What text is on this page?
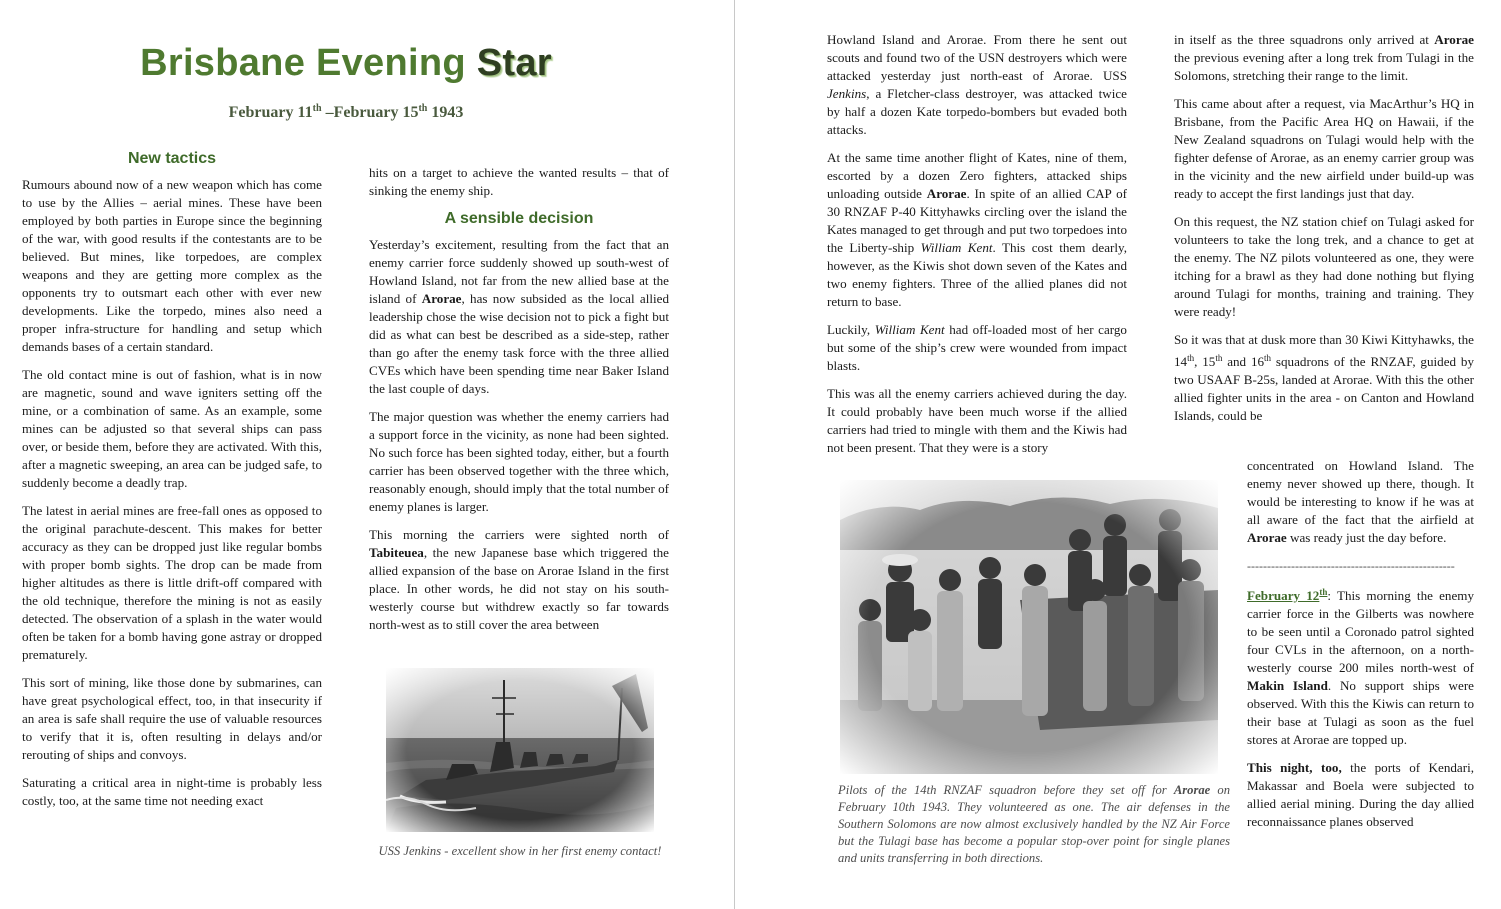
Brisbane Evening Star
February 11th –February 15th 1943
New tactics

Rumours abound now of a new weapon which has come to use by the Allies – aerial mines. These have been employed by both parties in Europe since the beginning of the war, with good results if the contestants are to be believed. But mines, like torpedoes, are complex weapons and they are getting more complex as the opponents try to outsmart each other with ever new developments. Like the torpedo, mines also need a proper infra-structure for handling and setup which demands bases of a certain standard.

The old contact mine is out of fashion, what is in now are magnetic, sound and wave igniters setting off the mine, or a combination of same. As an example, some mines can be adjusted so that several ships can pass over, or beside them, before they are activated. With this, after a magnetic sweeping, an area can be judged safe, to suddenly become a deadly trap.

The latest in aerial mines are free-fall ones as opposed to the original parachute-descent. This makes for better accuracy as they can be dropped just like regular bombs with proper bomb sights. The drop can be made from higher altitudes as there is little drift-off compared with the old technique, therefore the mining is not as easily detected. The observation of a splash in the water would often be taken for a bomb having gone astray or dropped prematurely.

This sort of mining, like those done by submarines, can have great psychological effect, too, in that insecurity if an area is safe shall require the use of valuable resources to verify that it is, often resulting in delays and/or rerouting of ships and convoys.

Saturating a critical area in night-time is probably less costly, too, at the same time not needing exact

hits on a target to achieve the wanted results – that of sinking the enemy ship.

A sensible decision

Yesterday’s excitement, resulting from the fact that an enemy carrier force suddenly showed up south-west of Howland Island, not far from the new allied base at the island of Arorae, has now subsided as the local allied leadership chose the wise decision not to pick a fight but did as what can best be described as a side-step, rather than go after the enemy task force with the three allied CVEs which have been spending time near Baker Island the last couple of days.

The major question was whether the enemy carriers had a support force in the vicinity, as none had been sighted. No such force has been sighted today, either, but a fourth carrier has been observed together with the three which, reasonably enough, should imply that the total number of enemy planes is larger.

This morning the carriers were sighted north of Tabiteuea, the new Japanese base which triggered the allied expansion of the base on Arorae Island in the first place. In other words, he did not stay on his south-westerly course but withdrew exactly so far towards north-west as to still cover the area between

USS Jenkins - excellent show in her first enemy contact!

Howland Island and Arorae. From there he sent out scouts and found two of the USN destroyers which were attacked yesterday just north-east of Arorae. USS Jenkins, a Fletcher-class destroyer, was attacked twice by half a dozen Kate torpedo-bombers but evaded both attacks.

At the same time another flight of Kates, nine of them, escorted by a dozen Zero fighters, attacked ships unloading outside Arorae. In spite of an allied CAP of 30 RNZAF P-40 Kittyhawks circling over the island the Kates managed to get through and put two torpedoes into the Liberty-ship William Kent. This cost them dearly, however, as the Kiwis shot down seven of the Kates and two enemy fighters. Three of the allied planes did not return to base.

Luckily, William Kent had off-loaded most of her cargo but some of the ship’s crew were wounded from impact blasts.

This was all the enemy carriers achieved during the day. It could probably have been much worse if the allied carriers had tried to mingle with them and the Kiwis had not been present. That they were is a story

Pilots of the 14th RNZAF squadron before they set off for Arorae on February 10th 1943. They volunteered as one. The air defenses in the Southern Solomons are now almost exclusively handled by the NZ Air Force but the Tulagi base has become a popular stop-over point for single planes and units transferring in both directions.

in itself as the three squadrons only arrived at Arorae the previous evening after a long trek from Tulagi in the Solomons, stretching their range to the limit.

This came about after a request, via MacArthur’s HQ in Brisbane, from the Pacific Area HQ on Hawaii, if the New Zealand squadrons on Tulagi would help with the fighter defense of Arorae, as an enemy carrier group was in the vicinity and the new airfield under build-up was ready to accept the first landings just that day.

On this request, the NZ station chief on Tulagi asked for volunteers to take the long trek, and a chance to get at the enemy. The NZ pilots volunteered as one, they were itching for a brawl as they had done nothing but flying around Tulagi for months, training and training. They were ready!

So it was that at dusk more than 30 Kiwi Kittyhawks, the 14th, 15th and 16th squadrons of the RNZAF, guided by two USAAF B-25s, landed at Arorae. With this the other allied fighter units in the area - on Canton and Howland Islands, could be

concentrated on Howland Island. The enemy never showed up there, though. It would be interesting to know if he was at all aware of the fact that the airfield at Arorae was ready just the day before.

----------------------------------------------------

February 12th: This morning the enemy carrier force in the Gilberts was nowhere to be seen until a Coronado patrol sighted four CVLs in the afternoon, on a north-westerly course 200 miles north-west of Makin Island. No support ships were observed. With this the Kiwis can return to their base at Tulagi as soon as the fuel stores at Arorae are topped up.

This night, too, the ports of Kendari, Makassar and Boela were subjected to allied aerial mining. During the day allied reconnaissance planes observed
